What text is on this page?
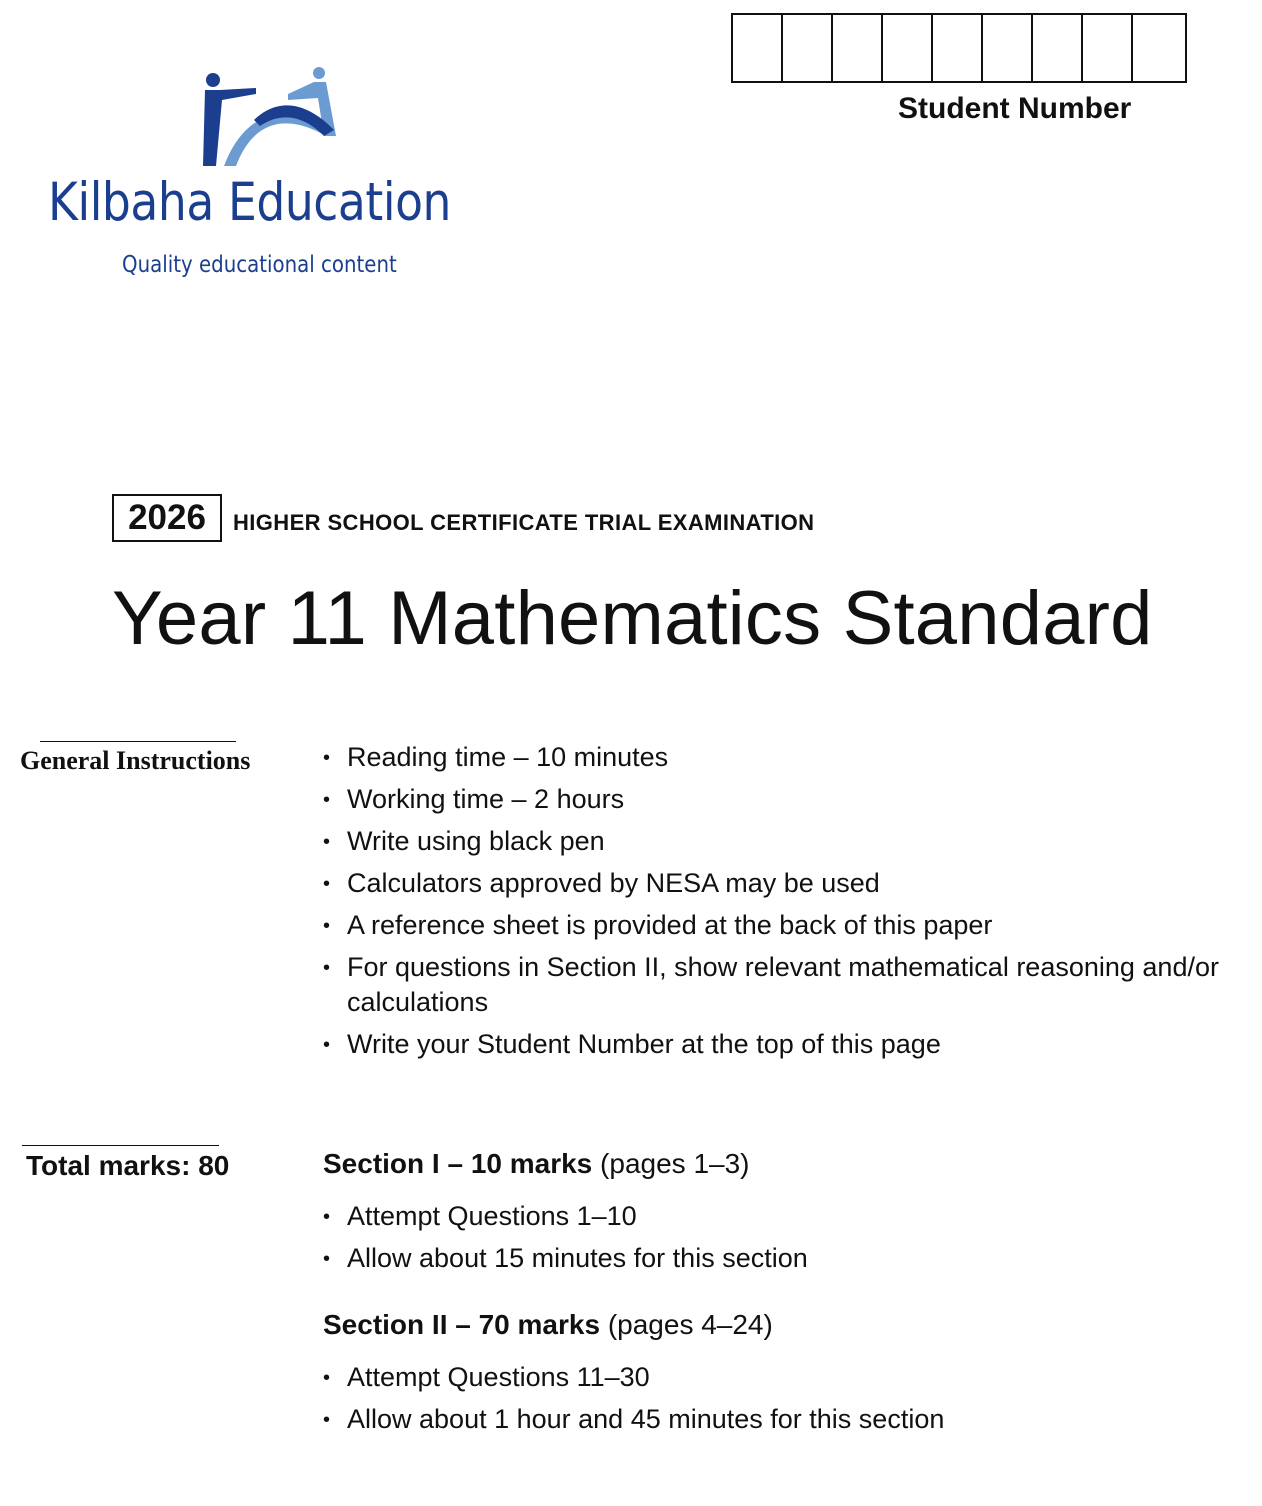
Kilbaha Education
Quality educational content
Student Number
2026	HIGHER SCHOOL CERTIFICATE TRIAL EXAMINATION
Year 11 Mathematics Standard
General Instructions
•	Reading time – 10 minutes
• Working time – 2 hours
• Write using black pen
• Calculators approved by NESA may be used
• A reference sheet is provided at the back of this paper
• For questions in Section II, show relevant mathematical reasoning and/or calculations
• Write your Student Number at the top of this page
Total marks: 80	Section I – 10 marks (pages 1–3)
• Attempt Questions 1–10
• Allow about 15 minutes for this section
Section II – 70 marks (pages 4–24)
• Attempt Questions 11–30
• Allow about 1 hour and 45 minutes for this section
